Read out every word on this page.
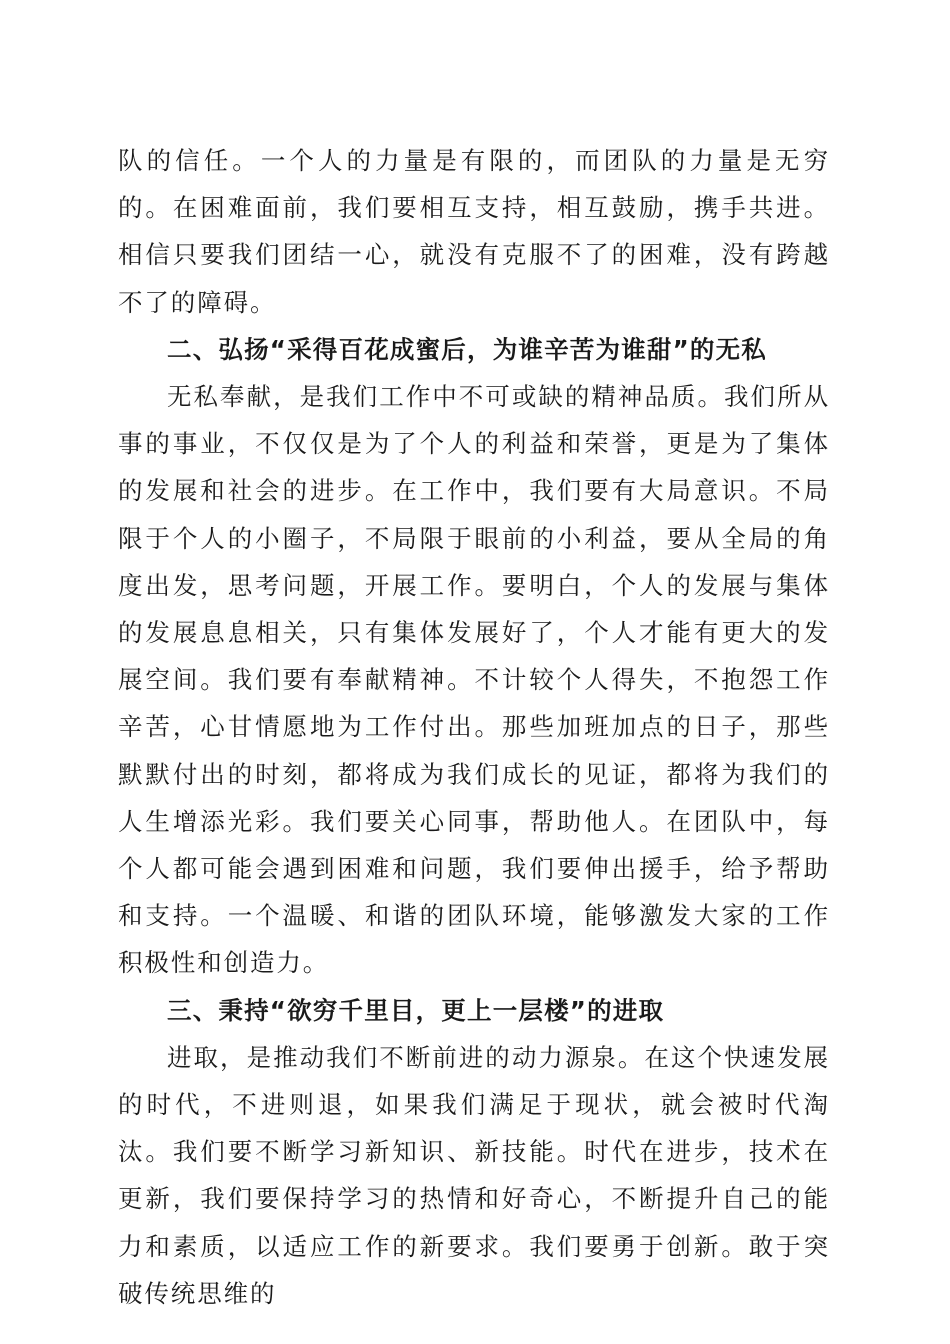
队的信任。一个人的力量是有限的，而团队的力量是无穷的。在困难面前，我们要相互支持，相互鼓励，携手共进。相信只要我们团结一心，就没有克服不了的困难，没有跨越不了的障碍。

二、弘扬“采得百花成蜜后，为谁辛苦为谁甜”的无私

无私奉献，是我们工作中不可或缺的精神品质。我们所从事的事业，不仅仅是为了个人的利益和荣誉，更是为了集体的发展和社会的进步。在工作中，我们要有大局意识。不局限于个人的小圈子，不局限于眼前的小利益，要从全局的角度出发，思考问题，开展工作。要明白，个人的发展与集体的发展息息相关，只有集体发展好了，个人才能有更大的发展空间。我们要有奉献精神。不计较个人得失，不抱怨工作辛苦，心甘情愿地为工作付出。那些加班加点的日子，那些默默付出的时刻，都将成为我们成长的见证，都将为我们的人生增添光彩。我们要关心同事，帮助他人。在团队中，每个人都可能会遇到困难和问题，我们要伸出援手，给予帮助和支持。一个温暖、和谐的团队环境，能够激发大家的工作积极性和创造力。

三、秉持“欲穷千里目，更上一层楼”的进取

进取，是推动我们不断前进的动力源泉。在这个快速发展的时代，不进则退，如果我们满足于现状，就会被时代淘汰。我们要不断学习新知识、新技能。时代在进步，技术在更新，我们要保持学习的热情和好奇心，不断提升自己的能力和素质，以适应工作的新要求。我们要勇于创新。敢于突破传统思维的
